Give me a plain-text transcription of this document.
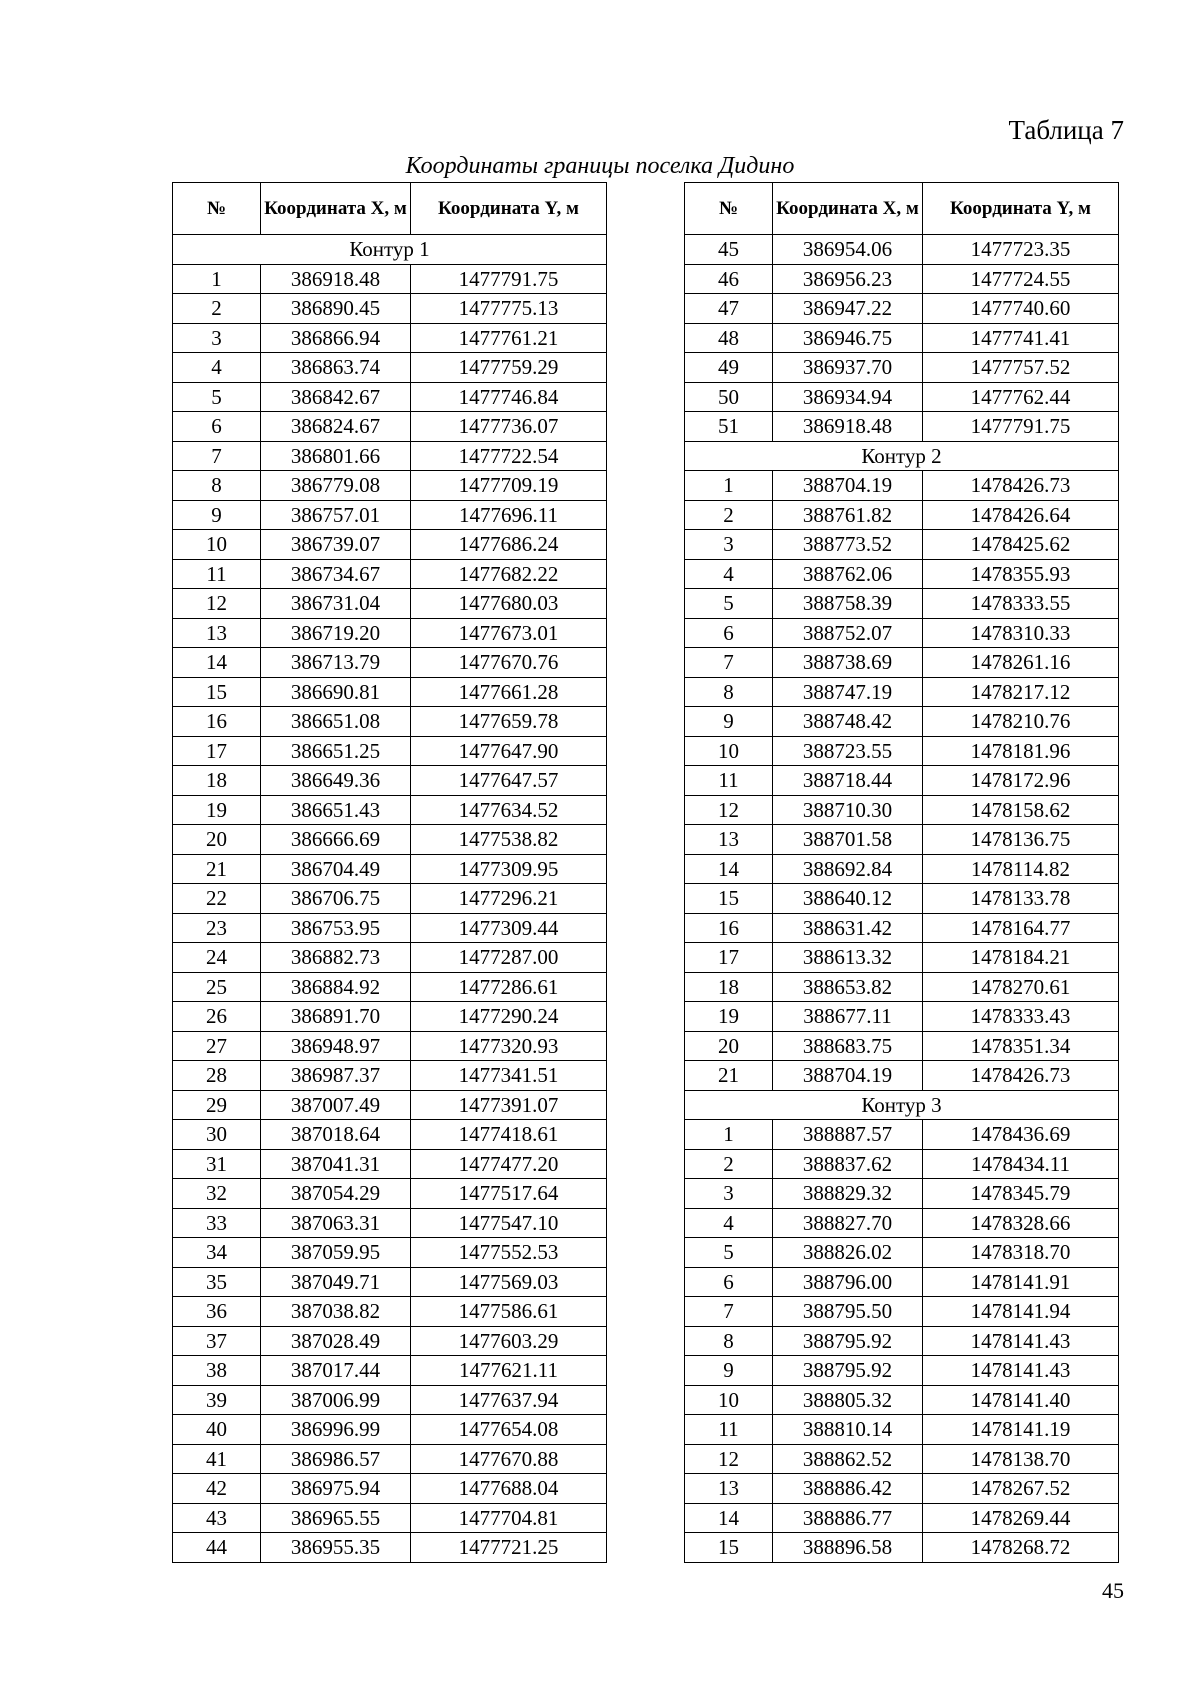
Таблица 7
Координаты границы поселка Дидино
№	Координата X, м	Координата Y, м
Контур 1		
1	386918.48	1477791.75
2	386890.45	1477775.13
3	386866.94	1477761.21
4	386863.74	1477759.29
5	386842.67	1477746.84
6	386824.67	1477736.07
7	386801.66	1477722.54
8	386779.08	1477709.19
9	386757.01	1477696.11
10	386739.07	1477686.24
11	386734.67	1477682.22
12	386731.04	1477680.03
13	386719.20	1477673.01
14	386713.79	1477670.76
15	386690.81	1477661.28
16	386651.08	1477659.78
17	386651.25	1477647.90
18	386649.36	1477647.57
19	386651.43	1477634.52
20	386666.69	1477538.82
21	386704.49	1477309.95
22	386706.75	1477296.21
23	386753.95	1477309.44
24	386882.73	1477287.00
25	386884.92	1477286.61
26	386891.70	1477290.24
27	386948.97	1477320.93
28	386987.37	1477341.51
29	387007.49	1477391.07
30	387018.64	1477418.61
31	387041.31	1477477.20
32	387054.29	1477517.64
33	387063.31	1477547.10
34	387059.95	1477552.53
35	387049.71	1477569.03
36	387038.82	1477586.61
37	387028.49	1477603.29
38	387017.44	1477621.11
39	387006.99	1477637.94
40	386996.99	1477654.08
41	386986.57	1477670.88
42	386975.94	1477688.04
43	386965.55	1477704.81
44	386955.35	1477721.25
№	Координата X, м	Координата Y, м
45	386954.06	1477723.35
46	386956.23	1477724.55
47	386947.22	1477740.60
48	386946.75	1477741.41
49	386937.70	1477757.52
50	386934.94	1477762.44
51	386918.48	1477791.75
Контур 2		
1	388704.19	1478426.73
2	388761.82	1478426.64
3	388773.52	1478425.62
4	388762.06	1478355.93
5	388758.39	1478333.55
6	388752.07	1478310.33
7	388738.69	1478261.16
8	388747.19	1478217.12
9	388748.42	1478210.76
10	388723.55	1478181.96
11	388718.44	1478172.96
12	388710.30	1478158.62
13	388701.58	1478136.75
14	388692.84	1478114.82
15	388640.12	1478133.78
16	388631.42	1478164.77
17	388613.32	1478184.21
18	388653.82	1478270.61
19	388677.11	1478333.43
20	388683.75	1478351.34
21	388704.19	1478426.73
Контур 3		
1	388887.57	1478436.69
2	388837.62	1478434.11
3	388829.32	1478345.79
4	388827.70	1478328.66
5	388826.02	1478318.70
6	388796.00	1478141.91
7	388795.50	1478141.94
8	388795.92	1478141.43
9	388795.92	1478141.43
10	388805.32	1478141.40
11	388810.14	1478141.19
12	388862.52	1478138.70
13	388886.42	1478267.52
14	388886.77	1478269.44
15	388896.58	1478268.72
45
